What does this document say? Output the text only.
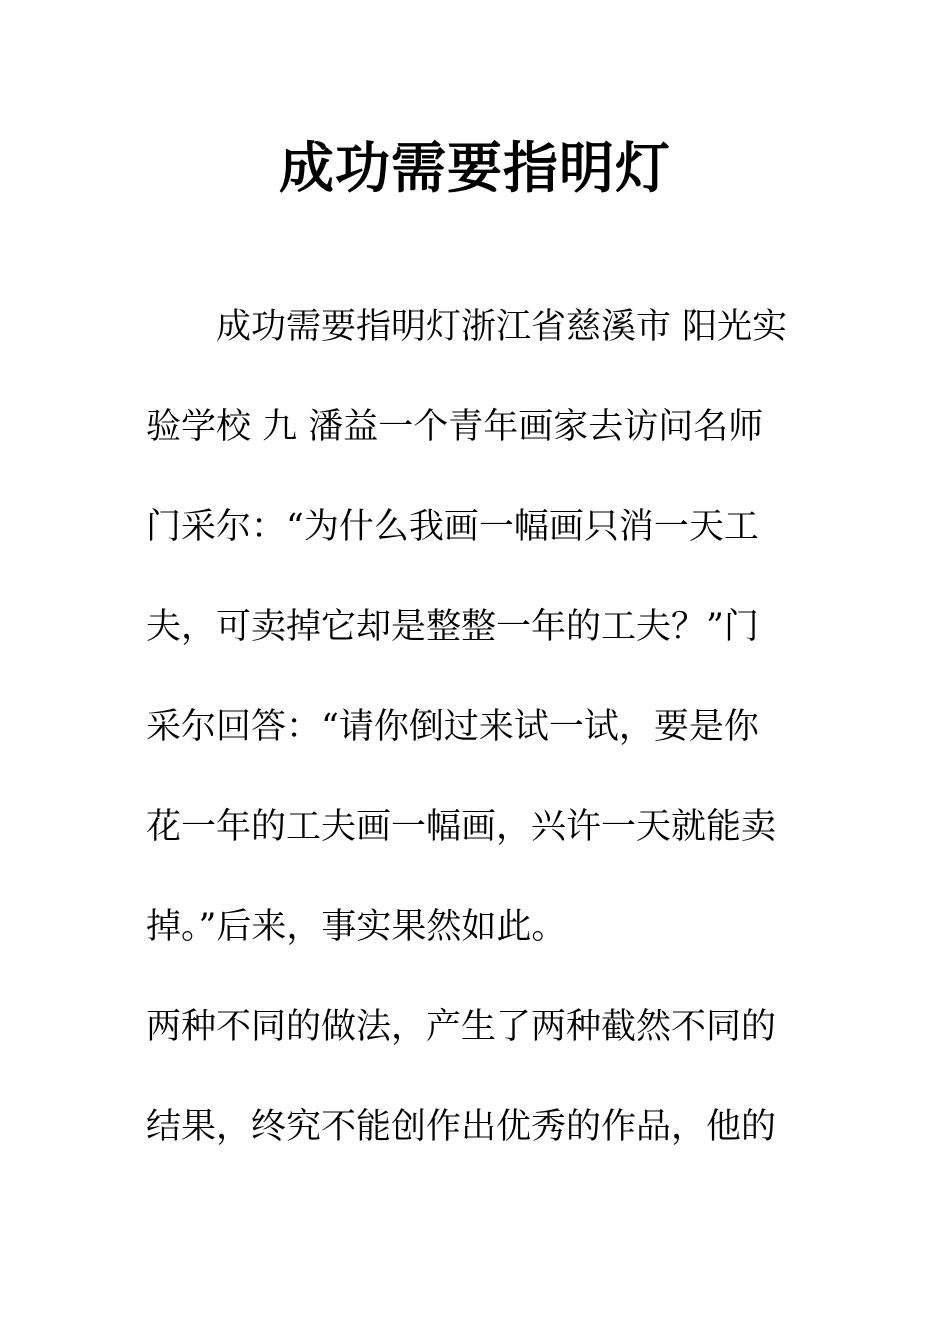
成功需要指明灯
成功需要指明灯浙江省慈溪市 阳光实
验学校 九 潘益一个青年画家去访问名师
门采尔：“为什么我画一幅画只消一天工
夫，可卖掉它却是整整一年的工夫？”门
采尔回答：“请你倒过来试一试，要是你
花一年的工夫画一幅画，兴许一天就能卖
掉。”后来，事实果然如此。
两种不同的做法，产生了两种截然不同的
结果，终究不能创作出优秀的作品，他的
